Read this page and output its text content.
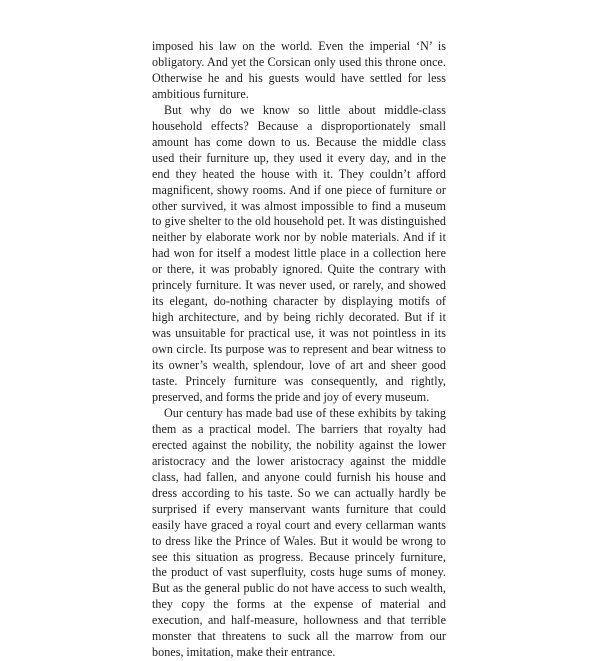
imposed his law on the world. Even the imperial ‘N’ is obligatory. And yet the Corsican only used this throne once. Otherwise he and his guests would have settled for less ambitious furniture.

But why do we know so little about middle-class household effects? Because a disproportionately small amount has come down to us. Because the middle class used their furniture up, they used it every day, and in the end they heated the house with it. They couldn’t afford magnificent, showy rooms. And if one piece of furniture or other survived, it was almost impossible to find a museum to give shelter to the old household pet. It was distinguished neither by elaborate work nor by noble materials. And if it had won for itself a modest little place in a collection here or there, it was probably ignored. Quite the contrary with princely furniture. It was never used, or rarely, and showed its elegant, do-nothing character by displaying motifs of high architecture, and by being richly decorated. But if it was unsuitable for practical use, it was not pointless in its own circle. Its purpose was to represent and bear witness to its owner’s wealth, splendour, love of art and sheer good taste. Princely furniture was consequently, and rightly, preserved, and forms the pride and joy of every museum.

Our century has made bad use of these exhibits by taking them as a practical model. The barriers that royalty had erected against the nobility, the nobility against the lower aristocracy and the lower aristocracy against the middle class, had fallen, and anyone could furnish his house and dress according to his taste. So we can actually hardly be surprised if every manservant wants furniture that could easily have graced a royal court and every cellarman wants to dress like the Prince of Wales. But it would be wrong to see this situation as progress. Because princely furniture, the product of vast superfluity, costs huge sums of money. But as the general public do not have access to such wealth, they copy the forms at the expense of material and execution, and half-measure, hollowness and that terrible monster that threatens to suck all the marrow from our bones, imitation, make their entrance.
